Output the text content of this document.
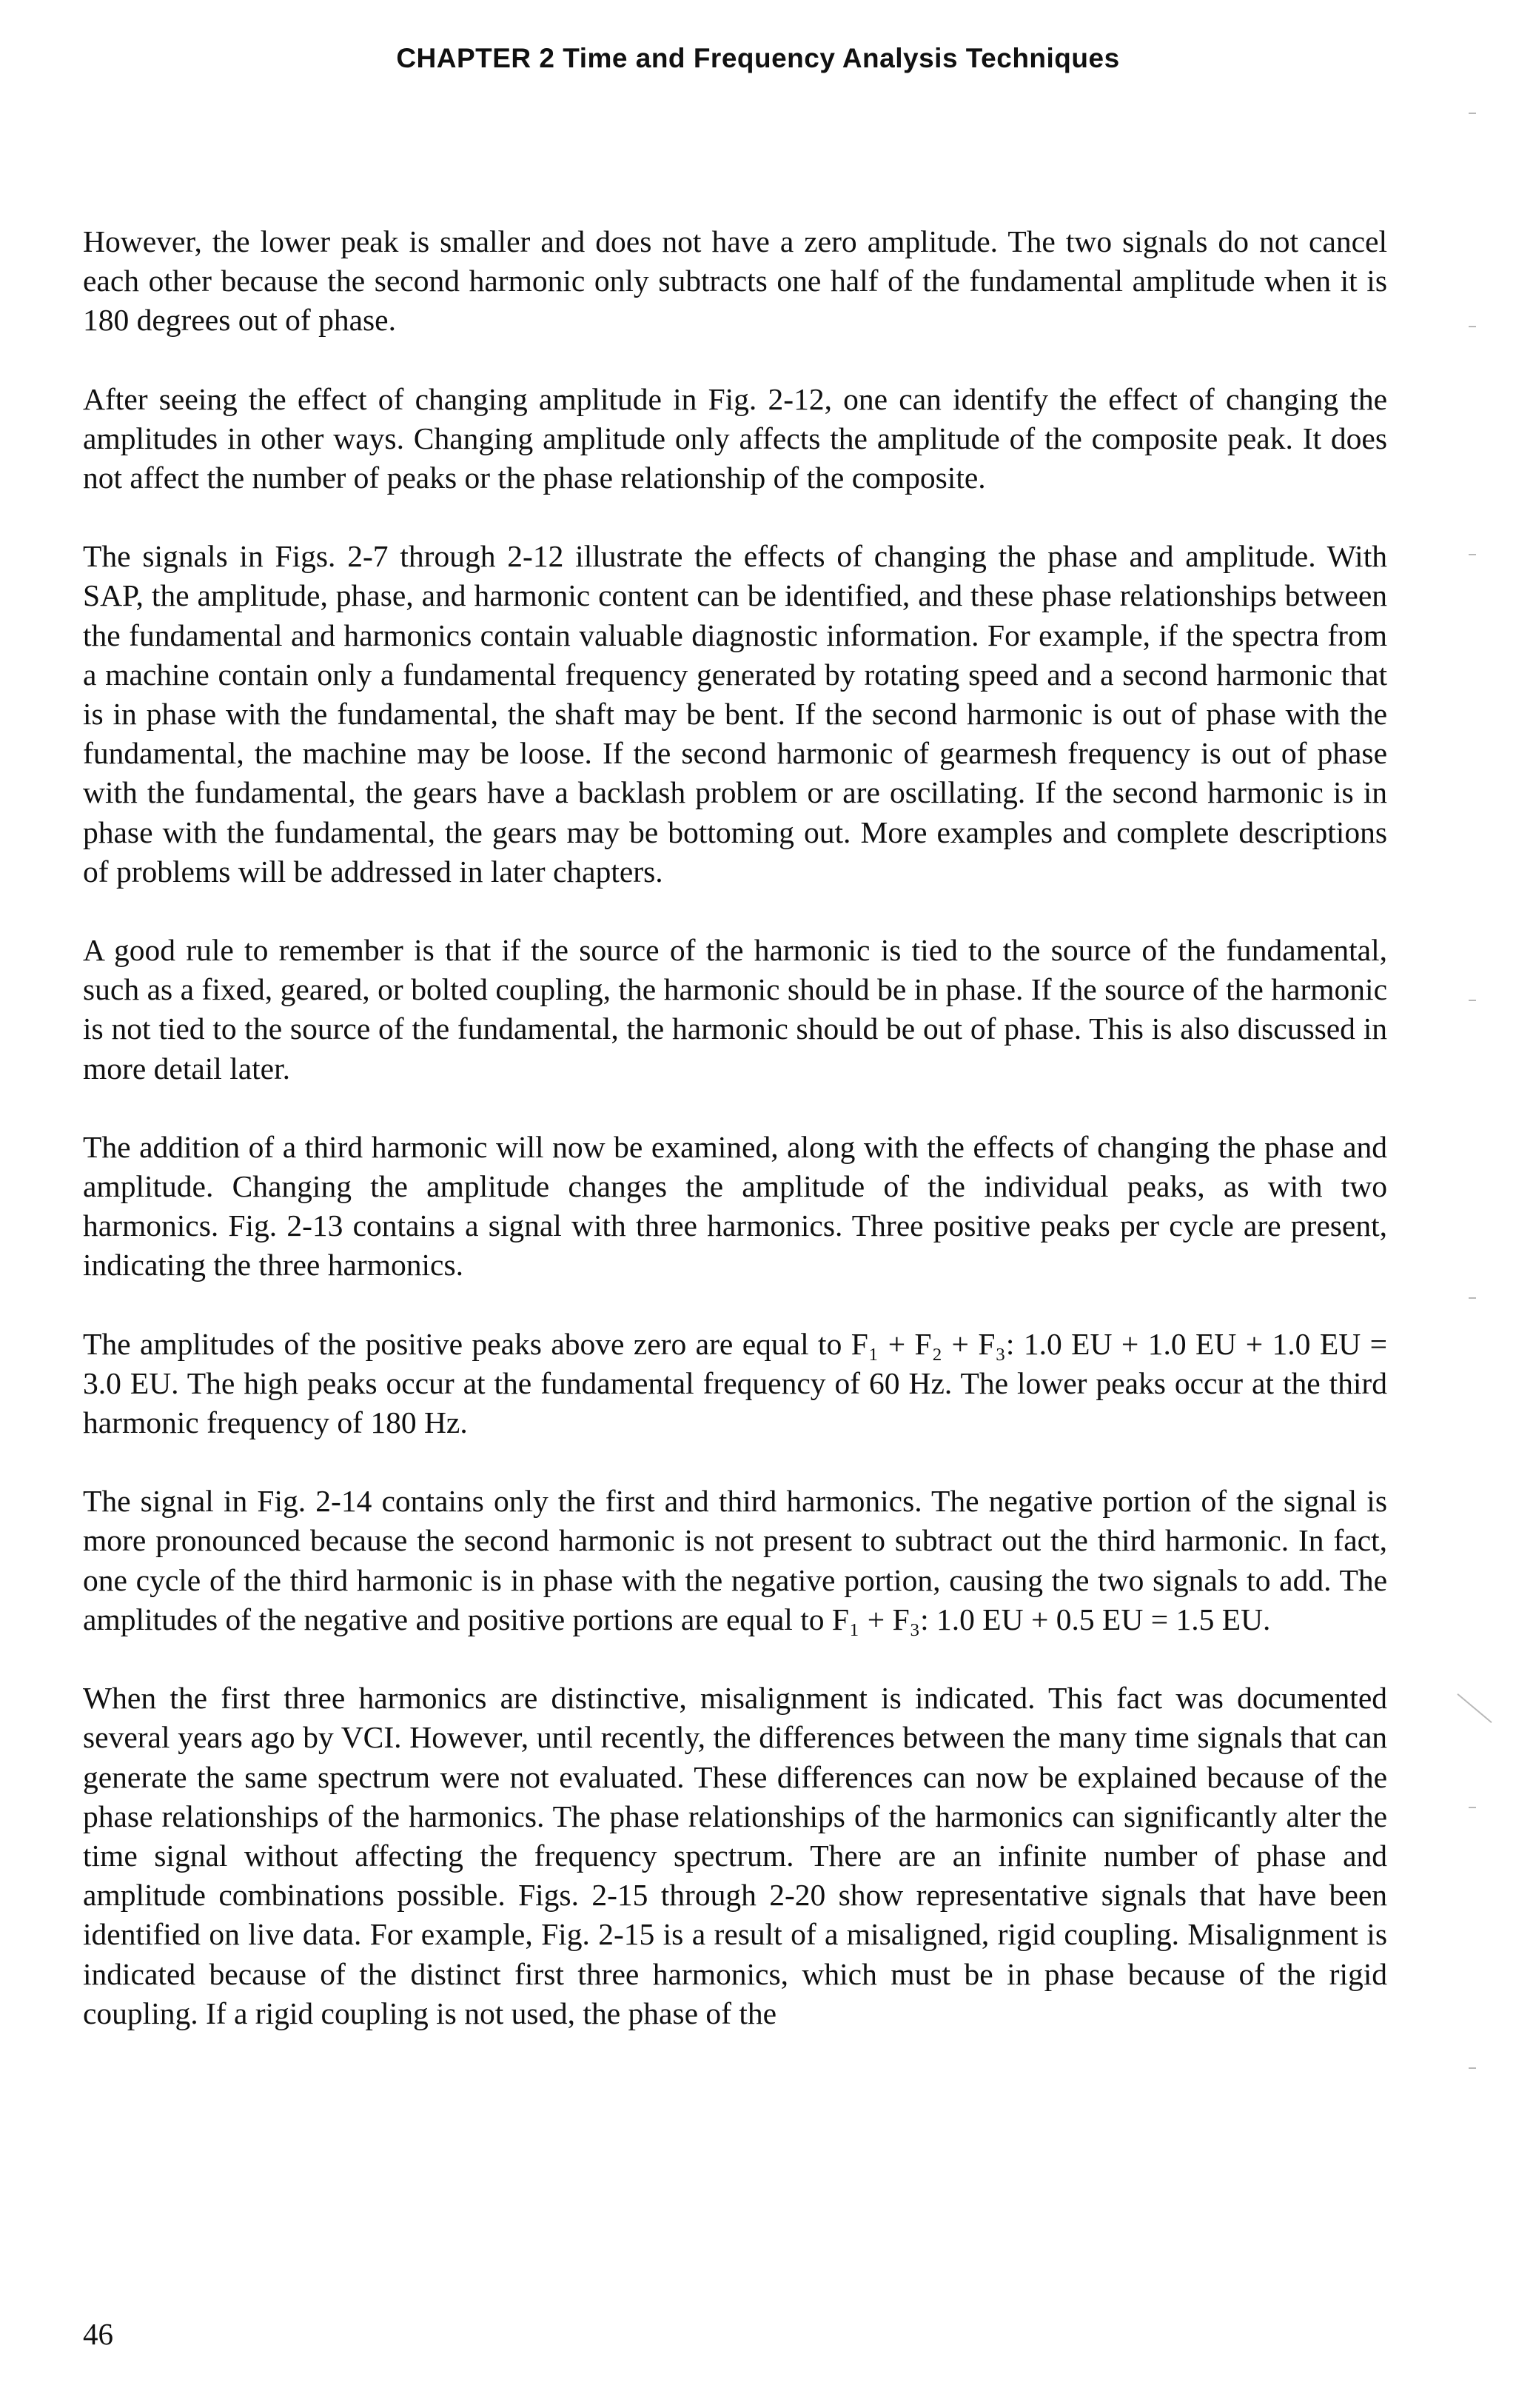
CHAPTER 2 Time and Frequency Analysis Techniques

However, the lower peak is smaller and does not have a zero amplitude. The two signals do not cancel each other because the second harmonic only subtracts one half of the fundamental amplitude when it is 180 degrees out of phase.

After seeing the effect of changing amplitude in Fig. 2-12, one can identify the effect of changing the amplitudes in other ways. Changing amplitude only affects the amplitude of the composite peak. It does not affect the number of peaks or the phase relationship of the composite.

The signals in Figs. 2-7 through 2-12 illustrate the effects of changing the phase and amplitude. With SAP, the amplitude, phase, and harmonic content can be identified, and these phase relationships between the fundamental and harmonics contain valuable diagnostic information. For example, if the spectra from a machine contain only a fundamental frequency generated by rotating speed and a second harmonic that is in phase with the fundamental, the shaft may be bent. If the second harmonic is out of phase with the fundamental, the machine may be loose. If the second harmonic of gearmesh frequency is out of phase with the fundamental, the gears have a backlash problem or are oscillating. If the second harmonic is in phase with the fundamental, the gears may be bottoming out. More examples and complete descriptions of problems will be addressed in later chapters.

A good rule to remember is that if the source of the harmonic is tied to the source of the fundamental, such as a fixed, geared, or bolted coupling, the harmonic should be in phase. If the source of the harmonic is not tied to the source of the fundamental, the harmonic should be out of phase. This is also discussed in more detail later.

The addition of a third harmonic will now be examined, along with the effects of changing the phase and amplitude. Changing the amplitude changes the amplitude of the individual peaks, as with two harmonics. Fig. 2-13 contains a signal with three harmonics. Three positive peaks per cycle are present, indicating the three harmonics.

The amplitudes of the positive peaks above zero are equal to F₁ + F₂ + F₃: 1.0 EU + 1.0 EU + 1.0 EU = 3.0 EU. The high peaks occur at the fundamental frequency of 60 Hz. The lower peaks occur at the third harmonic frequency of 180 Hz.

The signal in Fig. 2-14 contains only the first and third harmonics. The negative portion of the signal is more pronounced because the second harmonic is not present to subtract out the third harmonic. In fact, one cycle of the third harmonic is in phase with the negative portion, causing the two signals to add. The amplitudes of the negative and positive portions are equal to F₁ + F₃: 1.0 EU + 0.5 EU = 1.5 EU.

When the first three harmonics are distinctive, misalignment is indicated. This fact was documented several years ago by VCI. However, until recently, the differences between the many time signals that can generate the same spectrum were not evaluated. These differences can now be explained because of the phase relationships of the harmonics. The phase relationships of the harmonics can significantly alter the time signal without affecting the frequency spectrum. There are an infinite number of phase and amplitude combinations possible. Figs. 2-15 through 2-20 show representative signals that have been identified on live data. For example, Fig. 2-15 is a result of a misaligned, rigid coupling. Misalignment is indicated because of the distinct first three harmonics, which must be in phase because of the rigid coupling. If a rigid coupling is not used, the phase of the

46
